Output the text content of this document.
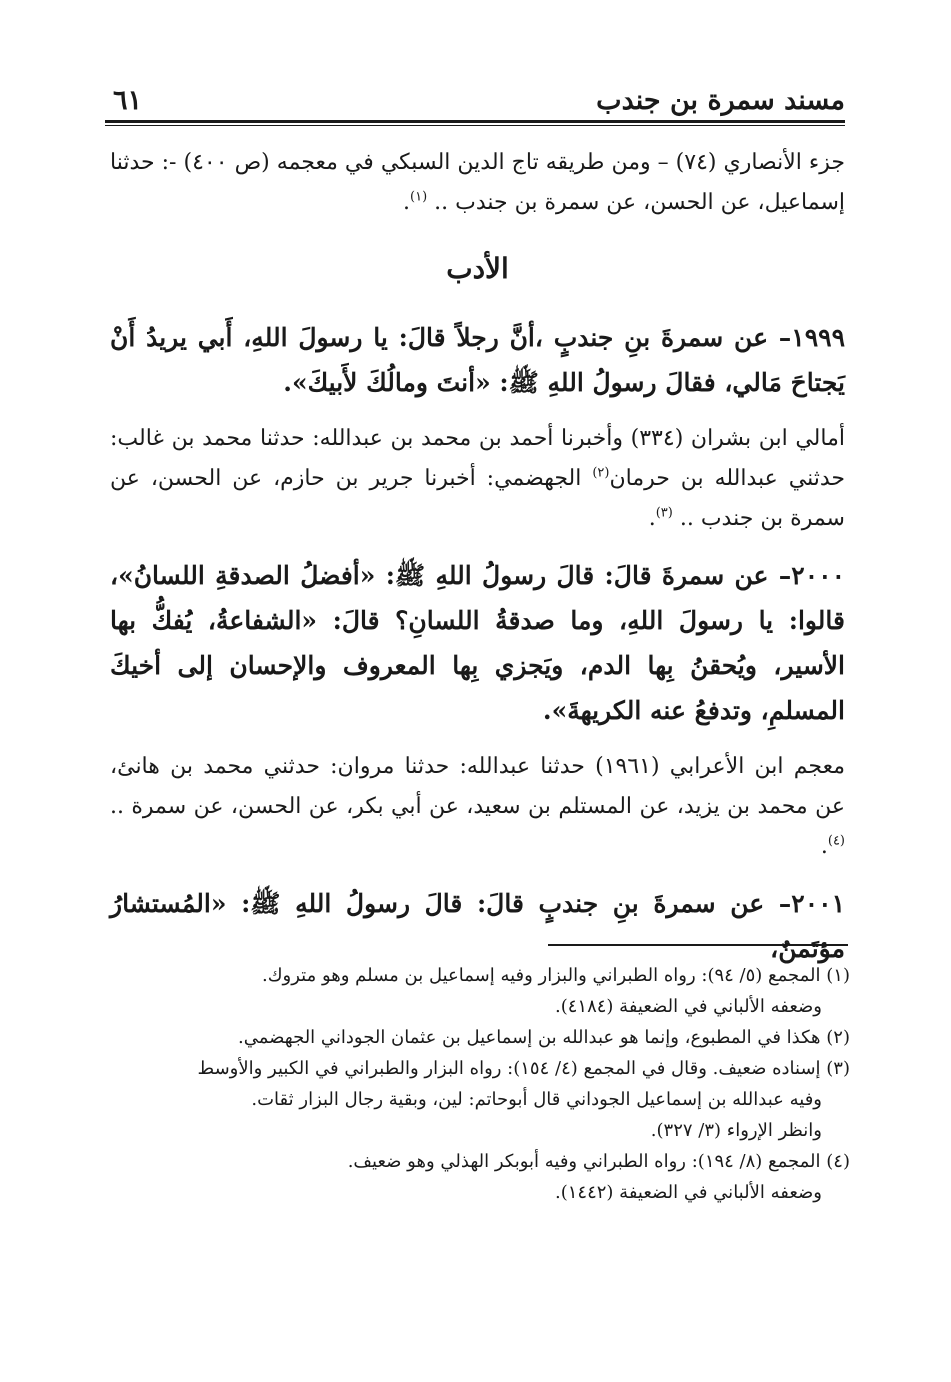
مسند سمرة بن جندب
٦١

جزء الأنصاري (٧٤) – ومن طريقه تاج الدين السبكي في معجمه (ص ٤٠٠) -: حدثنا إسماعيل، عن الحسن، عن سمرة بن جندب .. $^{(١)}$.

الأدب

١٩٩٩– عن سمرةَ بنِ جندبٍ ،أنَّ رجلاً قالَ: يا رسولَ اللهِ، أَبي يريدُ أَنْ يَجتاحَ مَالي، فقالَ رسولُ اللهِ ﷺ: «أنتَ ومالُكَ لأَبيكَ».

أمالي ابن بشران (٣٣٤) وأخبرنا أحمد بن محمد بن عبدالله: حدثنا محمد بن غالب: حدثني عبدالله بن حرمان$^{(٢)}$ الجهضمي: أخبرنا جرير بن حازم، عن الحسن، عن سمرة بن جندب .. $^{(٣)}$.

٢٠٠٠– عن سمرةَ قالَ: قالَ رسولُ اللهِ ﷺ: «أفضلُ الصدقةِ اللسانُ»، قالوا: يا رسولَ اللهِ، وما صدقةُ اللسانِ؟ قالَ: «الشفاعةُ، يُفكُّ بها الأسير، ويُحقنُ بِها الدم، ويَجزي بِها المعروف والإحسان إلى أخيكَ المسلمِ، وتدفعُ عنه الكريهةَ».

معجم ابن الأعرابي (١٩٦١) حدثنا عبدالله: حدثنا مروان: حدثني محمد بن هانئ، عن محمد بن يزيد، عن المستلم بن سعيد، عن أبي بكر، عن الحسن، عن سمرة .. $^{(٤)}$.

٢٠٠١– عن سمرةَ بنِ جندبٍ قالَ: قالَ رسولُ اللهِ ﷺ: «المُستشارُ مؤتَمنٌ،

(١) المجمع (٥/ ٩٤): رواه الطبراني والبزار وفيه إسماعيل بن مسلم وهو متروك.

وضعفه الألباني في الضعيفة (٤١٨٤).

(٢) هكذا في المطبوع، وإنما هو عبدالله بن إسماعيل بن عثمان الجوداني الجهضمي.

(٣) إسناده ضعيف. وقال في المجمع (٤/ ١٥٤): رواه البزار والطبراني في الكبير والأوسط

وفيه عبدالله بن إسماعيل الجوداني قال أبوحاتم: لين، وبقية رجال البزار ثقات.

وانظر الإرواء (٣/ ٣٢٧).

(٤) المجمع (٨/ ١٩٤): رواه الطبراني وفيه أبوبكر الهذلي وهو ضعيف.

وضعفه الألباني في الضعيفة (١٤٤٢).
